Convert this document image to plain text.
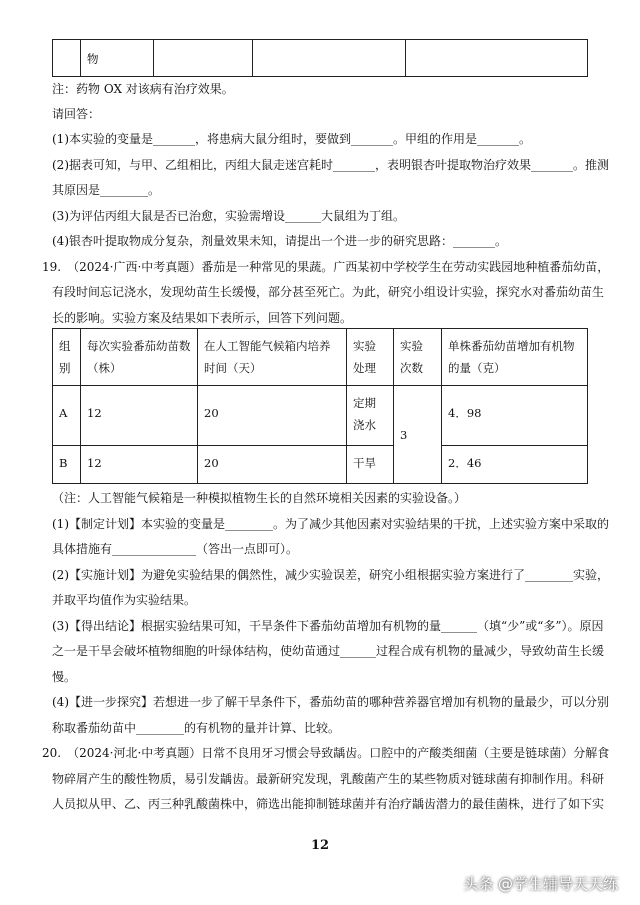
物

注：药物 OX 对该病有治疗效果。
请回答：
(1)本实验的变量是_______，将患病大鼠分组时，要做到_______。甲组的作用是_______。
(2)据表可知，与甲、乙组相比，丙组大鼠走迷宫耗时_______，表明银杏叶提取物治疗效果_______。推测
其原因是________。
(3)为评估丙组大鼠是否已治愈，实验需增设______大鼠组为丁组。
(4)银杏叶提取物成分复杂，剂量效果未知，请提出一个进一步的研究思路：_______。
19.　（2024·广西·中考真题）番茄是一种常见的果蔬。广西某初中学校学生在劳动实践园地种植番茄幼苗，
有段时间忘记浇水，发现幼苗生长缓慢，部分甚至死亡。为此，研究小组设计实验，探究水对番茄幼苗生
长的影响。实验方案及结果如下表所示，回答下列问题。
组别	每次实验番茄幼苗数（株）	在人工智能气候箱内培养时间（天）	实验处理	实验次数	单株番茄幼苗增加有机物的量（克）

A	12	20	定期浇水	3	4．98

B	12	20	干旱		2．46
（注：人工智能气候箱是一种模拟植物生长的自然环境相关因素的实验设备。）
(1)【制定计划】本实验的变量是________。为了减少其他因素对实验结果的干扰，上述实验方案中采取的
具体措施有______________（答出一点即可）。
(2)【实施计划】为避免实验结果的偶然性，减少实验误差，研究小组根据实验方案进行了________实验，
并取平均值作为实验结果。
(3)【得出结论】根据实验结果可知，干旱条件下番茄幼苗增加有机物的量______（填“少”或“多”）。原因
之一是干旱会破坏植物细胞的叶绿体结构，使幼苗通过______过程合成有机物的量减少，导致幼苗生长缓
慢。
(4)【进一步探究】若想进一步了解干旱条件下，番茄幼苗的哪种营养器官增加有机物的量最少，可以分别
称取番茄幼苗中________的有机物的量并计算、比较。
20.　（2024·河北·中考真题）日常不良用牙习惯会导致龋齿。口腔中的产酸类细菌（主要是链球菌）分解食
物碎屑产生的酸性物质，易引发龋齿。最新研究发现，乳酸菌产生的某些物质对链球菌有抑制作用。科研
人员拟从甲、乙、丙三种乳酸菌株中，筛选出能抑制链球菌并有治疗龋齿潜力的最佳菌株，进行了如下实
12
头条 @学生辅导天天练
